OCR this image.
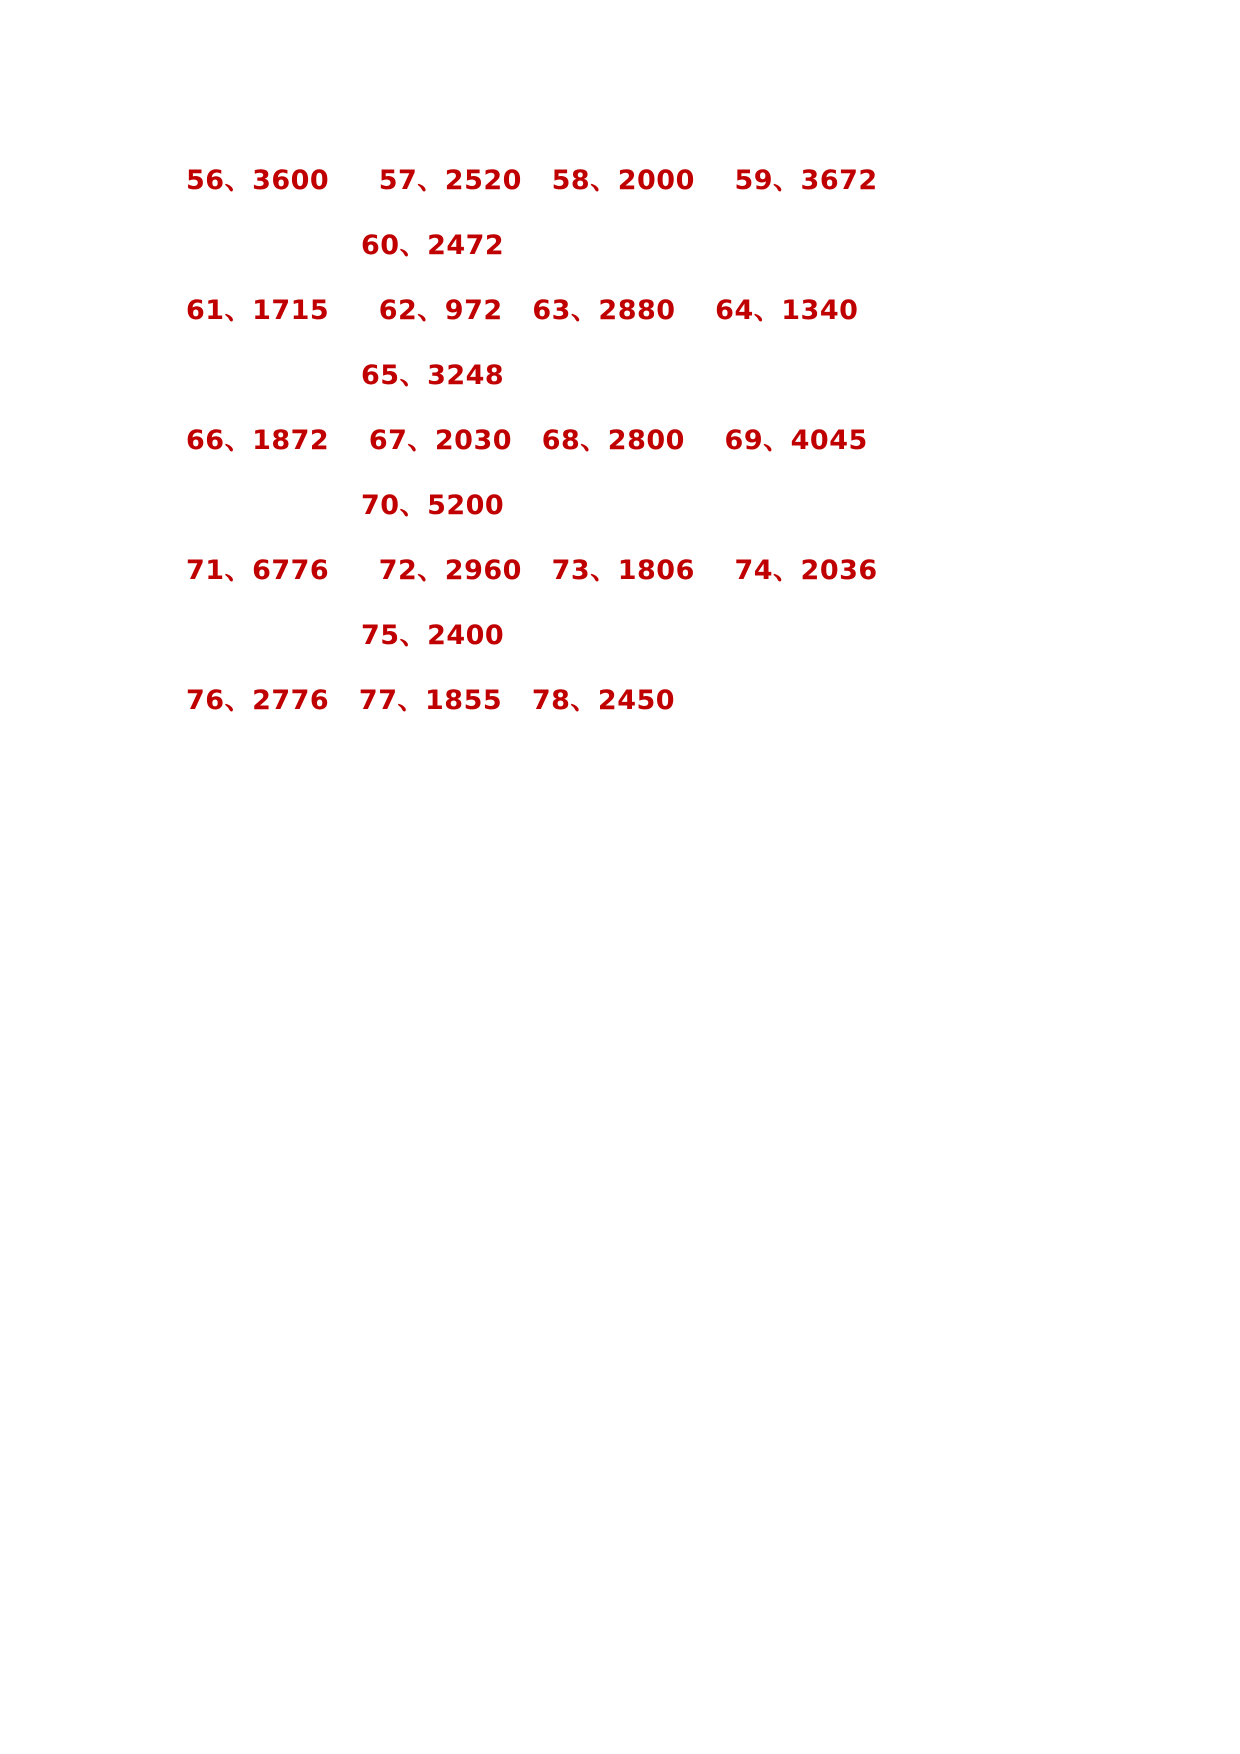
56、3600     57、2520   58、2000    59、3672
60、2472
61、1715     62、972   63、2880    64、1340
65、3248
66、1872    67、2030   68、2800    69、4045
70、5200
71、6776     72、2960   73、1806    74、2036
75、2400
76、2776   77、1855   78、2450
